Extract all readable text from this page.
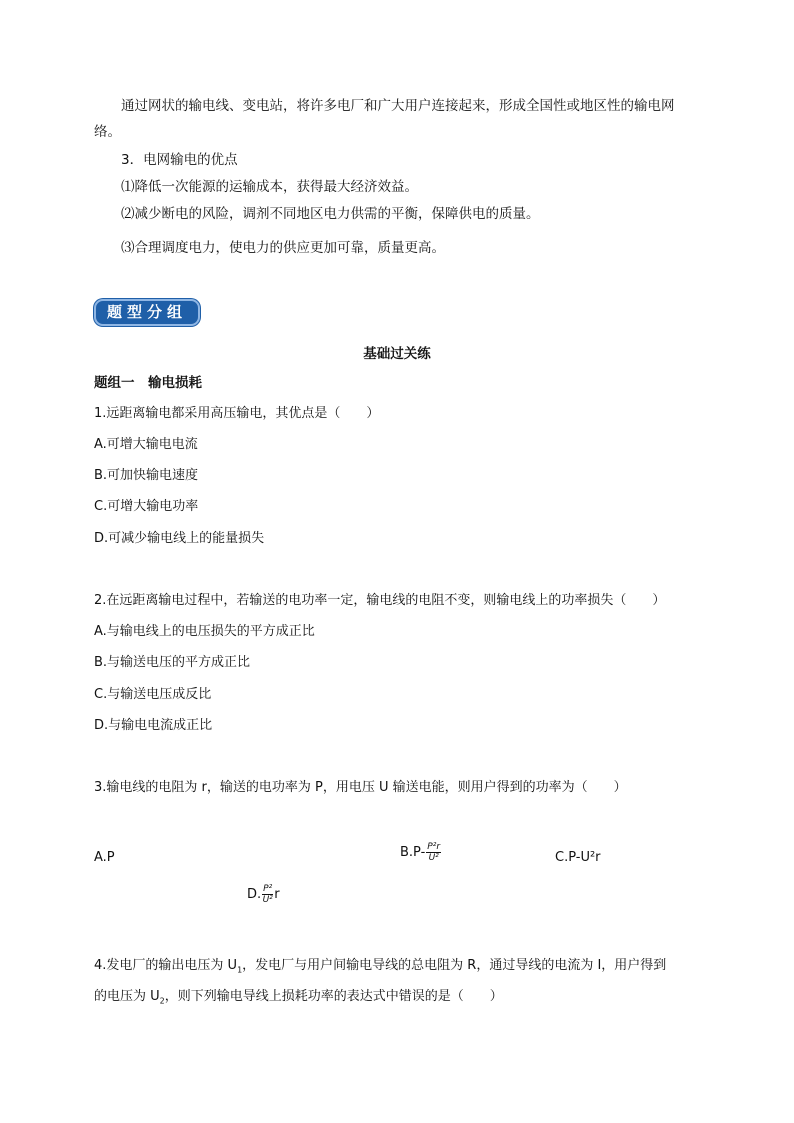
通过网状的输电线、变电站，将许多电厂和广大用户连接起来，形成全国性或地区性的输电网
络。
3．电网输电的优点
⑴降低一次能源的运输成本，获得最大经济效益。
⑵减少断电的风险，调剂不同地区电力供需的平衡，保障供电的质量。
⑶合理调度电力，使电力的供应更加可靠，质量更高。
题型分组
基础过关练
题组一　输电损耗
1.远距离输电都采用高压输电，其优点是（　　）
A.可增大输电电流
B.可加快输电速度
C.可增大输电功率
D.可减少输电线上的能量损失
2.在远距离输电过程中，若输送的电功率一定，输电线的电阻不变，则输电线上的功率损失（　　）
A.与输电线上的电压损失的平方成正比
B.与输送电压的平方成正比
C.与输送电压成反比
D.与输电电流成正比
3.输电线的电阻为 r，输送的电功率为 P，用电压 U 输送电能，则用户得到的功率为（　　）
A.P	$B.P- \frac{\text{P²r}}{\text{U²}}$	C.P-U²r
D. $\frac{\text{P²}}{\text{U²}}$ r
4.发电厂的输出电压为 $U_1$，发电厂与用户间输电导线的总电阻为 R，通过导线的电流为 I，用户得到
的电压为 $U_2$，则下列输电导线上损耗功率的表达式中错误的是（　　）
